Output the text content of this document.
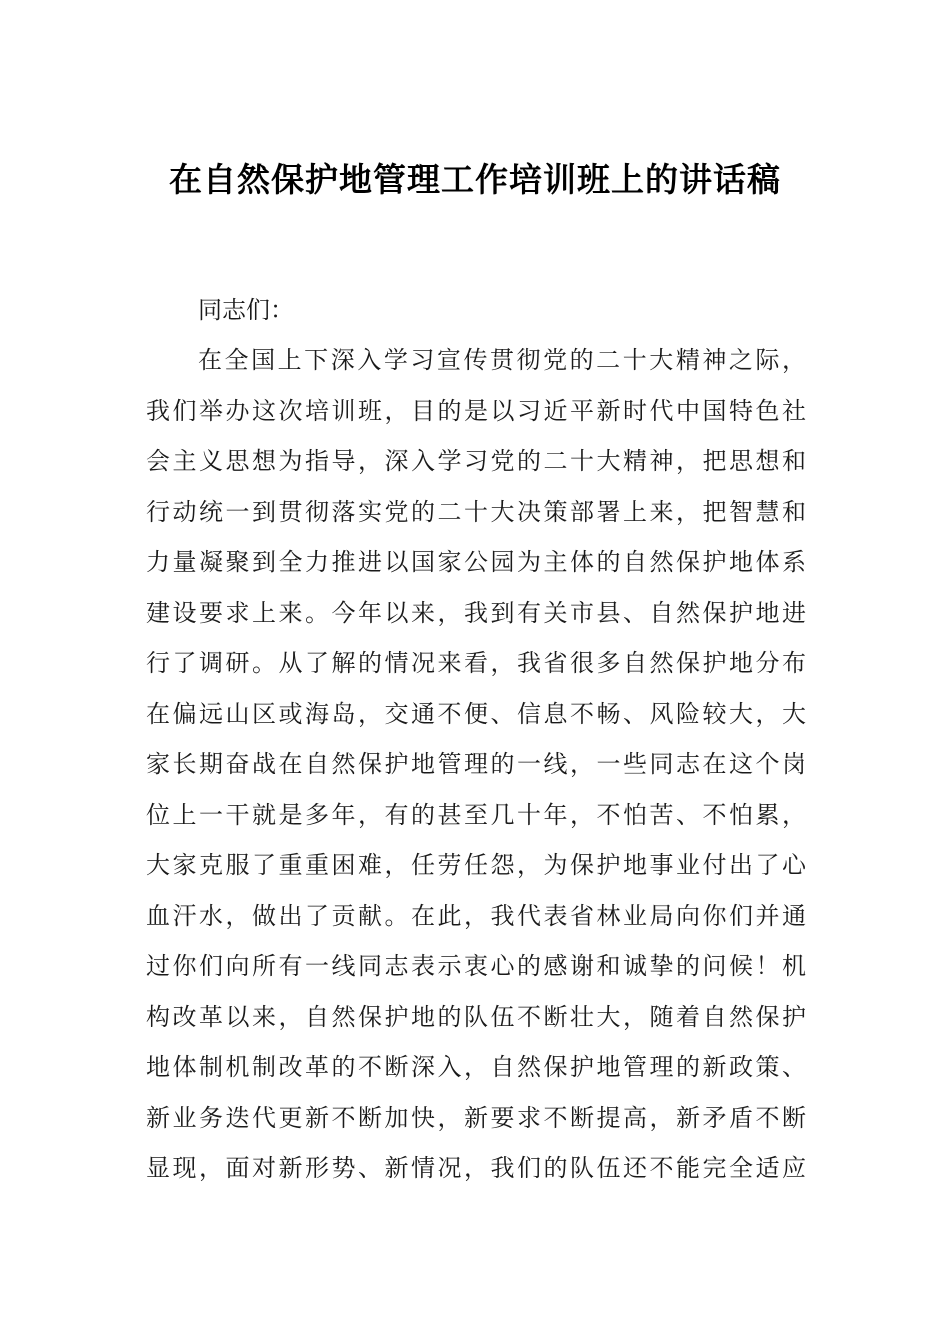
在自然保护地管理工作培训班上的讲话稿

同志们：

在全国上下深入学习宣传贯彻党的二十大精神之际，
我们举办这次培训班，目的是以习近平新时代中国特色社
会主义思想为指导，深入学习党的二十大精神，把思想和
行动统一到贯彻落实党的二十大决策部署上来，把智慧和
力量凝聚到全力推进以国家公园为主体的自然保护地体系
建设要求上来。今年以来，我到有关市县、自然保护地进
行了调研。从了解的情况来看，我省很多自然保护地分布
在偏远山区或海岛，交通不便、信息不畅、风险较大，大
家长期奋战在自然保护地管理的一线，一些同志在这个岗
位上一干就是多年，有的甚至几十年，不怕苦、不怕累，
大家克服了重重困难，任劳任怨，为保护地事业付出了心
血汗水，做出了贡献。在此，我代表省林业局向你们并通
过你们向所有一线同志表示衷心的感谢和诚挚的问候！机
构改革以来，自然保护地的队伍不断壮大，随着自然保护
地体制机制改革的不断深入，自然保护地管理的新政策、
新业务迭代更新不断加快，新要求不断提高，新矛盾不断
显现，面对新形势、新情况，我们的队伍还不能完全适应
